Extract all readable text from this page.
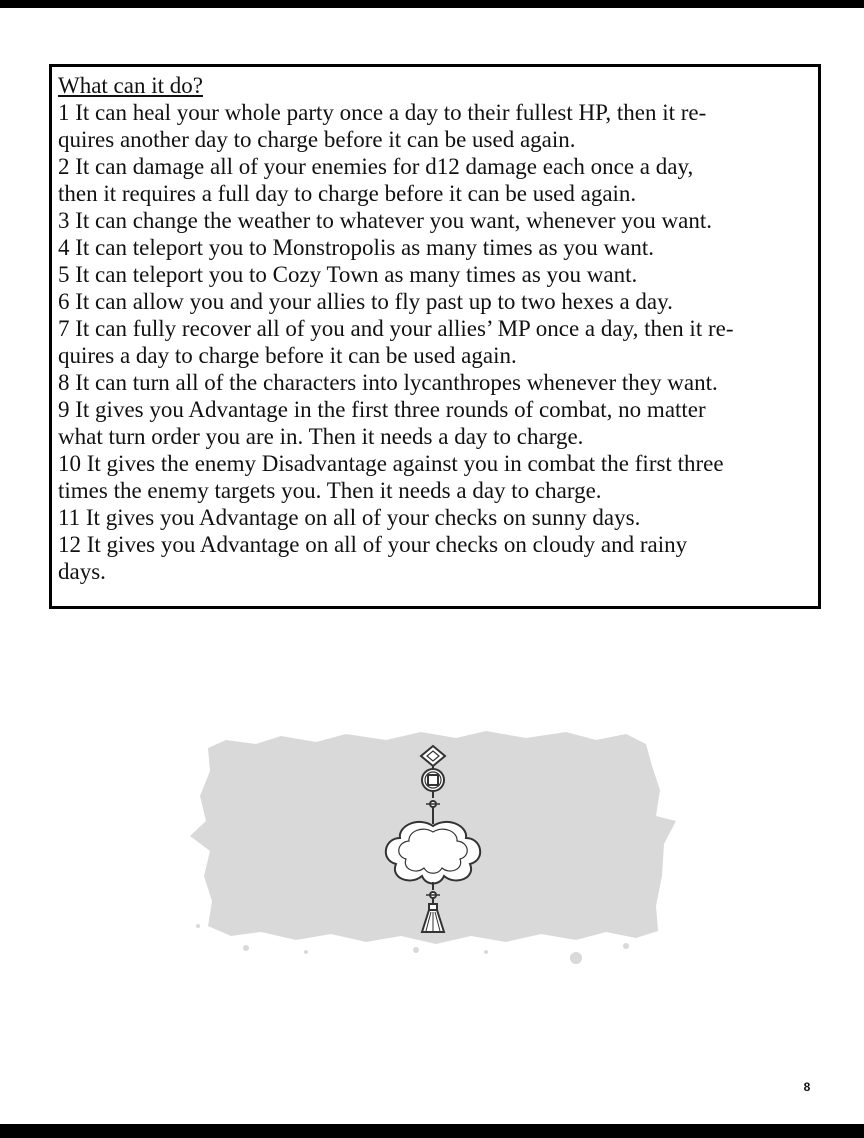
What can it do?
1 It can heal your whole party once a day to their fullest HP, then it re-
quires another day to charge before it can be used again.
2 It can damage all of your enemies for d12 damage each once a day,
then it requires a full day to charge before it can be used again.
3 It can change the weather to whatever you want, whenever you want.
4 It can teleport you to Monstropolis as many times as you want.
5 It can teleport you to Cozy Town as many times as you want.
6 It can allow you and your allies to fly past up to two hexes a day.
7 It can fully recover all of you and your allies’ MP once a day, then it re-
quires a day to charge before it can be used again.
8 It can turn all of the characters into lycanthropes whenever they want.
9 It gives you Advantage in the first three rounds of combat, no matter
what turn order you are in. Then it needs a day to charge.
10 It gives the enemy Disadvantage against you in combat the first three
times the enemy targets you. Then it needs a day to charge.
11 It gives you Advantage on all of your checks on sunny days.
12 It gives you Advantage on all of your checks on cloudy and rainy
days.
8
